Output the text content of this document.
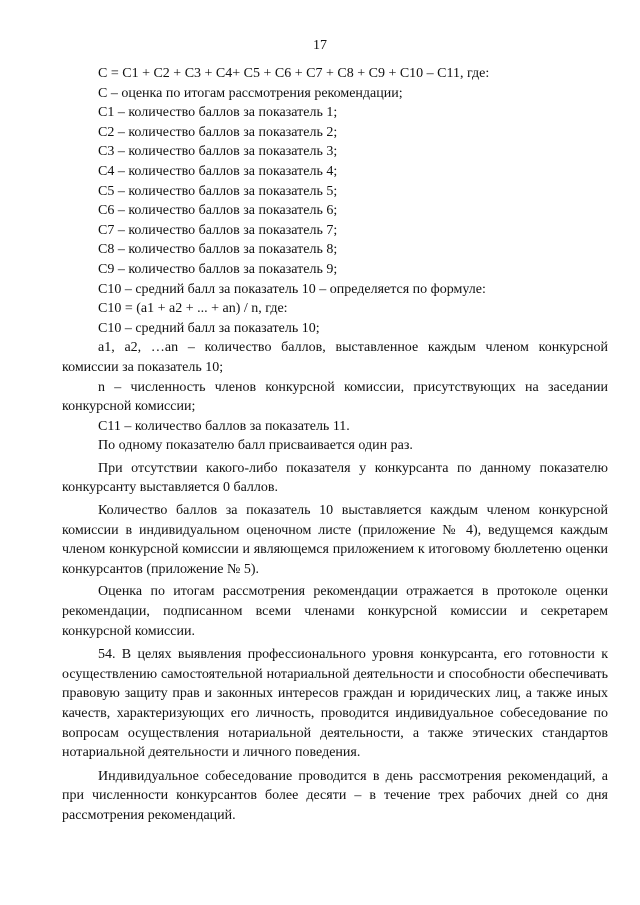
17

С = С1 + С2 + С3 + С4+ С5 + С6 + С7 + С8 + С9 + С10 – С11, где:

С – оценка по итогам рассмотрения рекомендации;

С1 – количество баллов за показатель 1;

С2 – количество баллов за показатель 2;

С3 – количество баллов за показатель 3;

С4 – количество баллов за показатель 4;

С5 – количество баллов за показатель 5;

С6 – количество баллов за показатель 6;

С7 – количество баллов за показатель 7;

С8 – количество баллов за показатель 8;

С9 – количество баллов за показатель 9;

С10 – средний балл за показатель 10 – определяется по формуле:

С10 = (a1 + a2 + ... + an) / n, где:

С10 – средний балл за показатель 10;

a1, a2, …an – количество баллов, выставленное каждым членом конкурсной комиссии за показатель 10;

n – численность членов конкурсной комиссии, присутствующих на заседании конкурсной комиссии;

С11 – количество баллов за показатель 11.

По одному показателю балл присваивается один раз.

При отсутствии какого-либо показателя у конкурсанта по данному показателю конкурсанту выставляется 0 баллов.

Количество баллов за показатель 10 выставляется каждым членом конкурсной комиссии в индивидуальном оценочном листе (приложение № 4), ведущемся каждым членом конкурсной комиссии и являющемся приложением к итоговому бюллетеню оценки конкурсантов (приложение № 5).

Оценка по итогам рассмотрения рекомендации отражается в протоколе оценки рекомендации, подписанном всеми членами конкурсной комиссии и секретарем конкурсной комиссии.

54. В целях выявления профессионального уровня конкурсанта, его готовности к осуществлению самостоятельной нотариальной деятельности и способности обеспечивать правовую защиту прав и законных интересов граждан и юридических лиц, а также иных качеств, характеризующих его личность, проводится индивидуальное собеседование по вопросам осуществления нотариальной деятельности, а также этических стандартов нотариальной деятельности и личного поведения.

Индивидуальное собеседование проводится в день рассмотрения рекомендаций, а при численности конкурсантов более десяти – в течение трех рабочих дней со дня рассмотрения рекомендаций.
